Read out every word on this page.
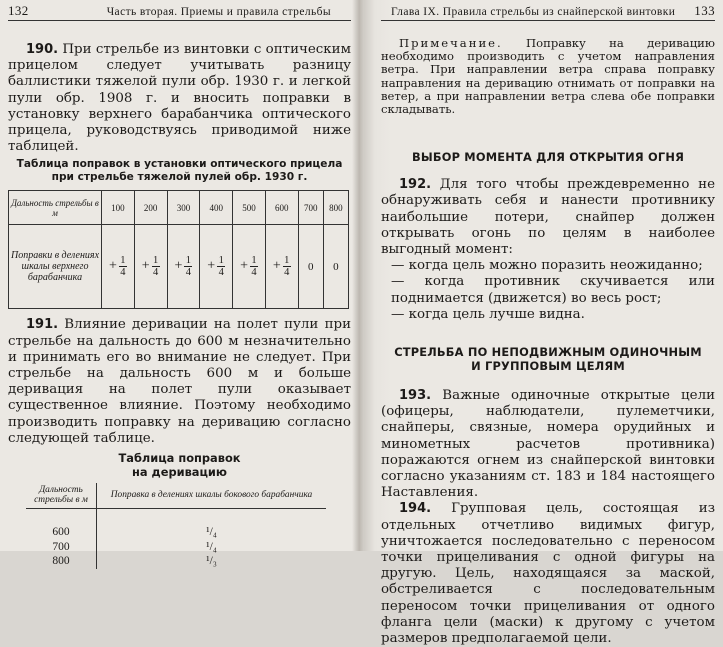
132	Часть вторая. Приемы и правила стрельбы

190. При стрельбе из винтовки с оптическим прицелом следует учитывать разницу баллистики тяжелой пули обр. 1930 г. и легкой пули обр. 1908 г. и вносить поправки в установку верхнего барабанчика оптического прицела, руководствуясь приводимой ниже таблицей.

Таблица поправок в установки оптического прицела
при стрельбе тяжелой пулей обр. 1930 г.
Дальность стрельбы в м	100	200	300	400	500	600	700	800
Поправки в делениях шкалы верхнего барабанчика	+ $\frac{1}{4}$	+ $\frac{1}{4}$	+ $\frac{1}{4}$	+ $\frac{1}{4}$	+ $\frac{1}{4}$	+ $\frac{1}{4}$	0	0

191. Влияние деривации на полет пули при стрельбе на дальность до 600 м незначительно и принимать его во внимание не следует. При стрельбе на дальность 600 м и больше деривация на полет пули оказывает существенное влияние. Поэтому необходимо производить поправку на деривацию согласно следующей таблице.

Таблица поправок
на деривацию
Дальность стрельбы в м	Поправка в делениях шкалы бокового барабанчика

600	¹/₄
700	¹/₄
800	¹/₃
Глава IX. Правила стрельбы из снайперской винтовки 133

Примечание. Поправку на деривацию необходимо производить с учетом направления ветра. При направлении ветра справа поправку направления на деривацию отнимать от поправки на ветер, а при направлении ветра слева обе поправки складывать.

ВЫБОР МОМЕНТА ДЛЯ ОТКРЫТИЯ ОГНЯ

192. Для того чтобы преждевременно не обнаруживать себя и нанести противнику наибольшие потери, снайпер должен открывать огонь по целям в наиболее выгодный момент:

— когда цель можно поразить неожиданно;

— когда противник скучивается или поднимается (движется) во весь рост;

— когда цель лучше видна.

СТРЕЛЬБА ПО НЕПОДВИЖНЫМ ОДИНОЧНЫМ
И ГРУППОВЫМ ЦЕЛЯМ

193. Важные одиночные открытые цели (офицеры, наблюдатели, пулеметчики, снайперы, связные, номера орудийных и минометных расчетов противника) поражаются огнем из снайперской винтовки согласно указаниям ст. 183 и 184 настоящего Наставления.

194. Групповая цель, состоящая из отдельных отчетливо видимых фигур, уничтожается последовательно с переносом точки прицеливания с одной фигуры на другую. Цель, находящаяся за маской, обстреливается с последовательным переносом точки прицеливания от одного фланга цели (маски) к другому с учетом размеров предполагаемой цели.
